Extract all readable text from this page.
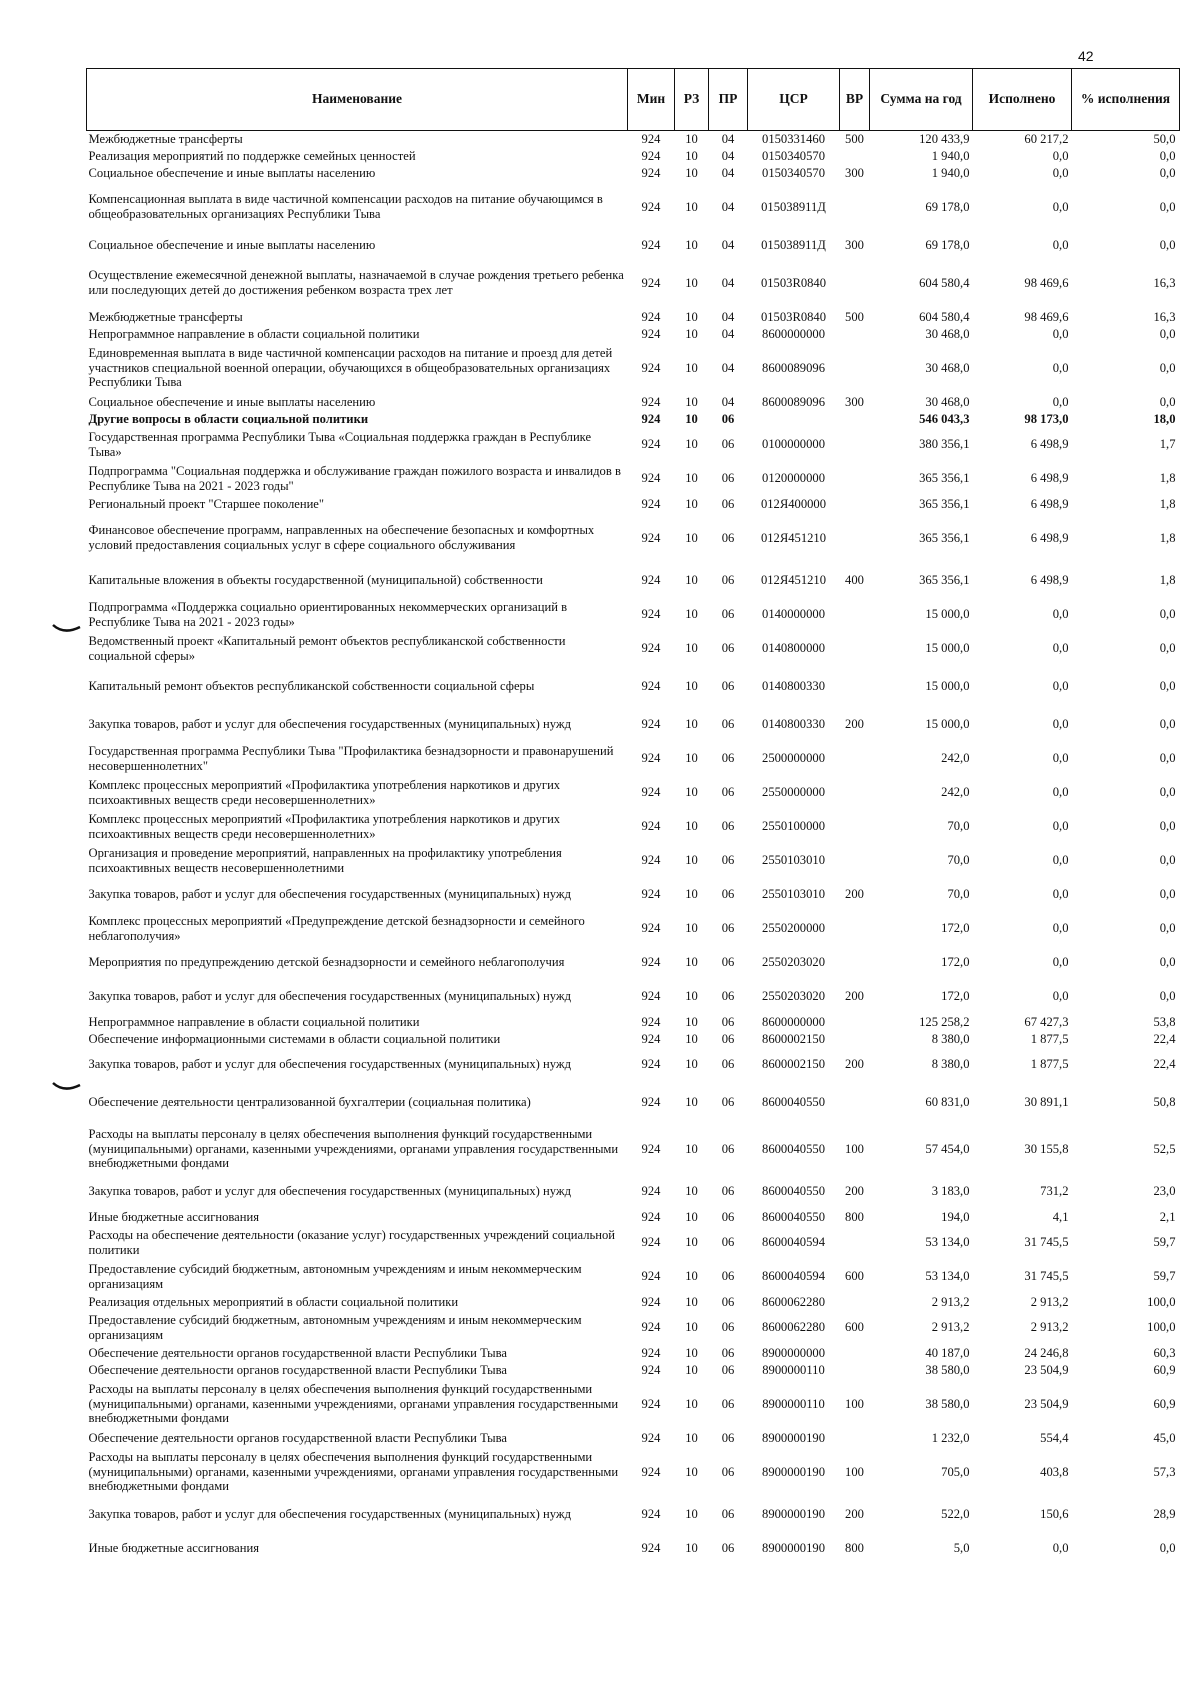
42
Наименование	Мин	РЗ	ПР	ЦСР	ВР	Сумма на год	Исполнено	% исполнения
Межбюджетные трансферты	924	10	04	0150331460	500	120 433,9	60 217,2	50,0
Реализация мероприятий по поддержке семейных ценностей	924	10	04	0150340570		1 940,0	0,0	0,0
Социальное обеспечение и иные выплаты населению	924	10	04	0150340570	300	1 940,0	0,0	0,0
Компенсационная выплата в виде частичной компенсации расходов на питание обучающимся в общеобразовательных организациях Республики Тыва	924	10	04	015038911Д		69 178,0	0,0	0,0
Социальное обеспечение и иные выплаты населению	924	10	04	015038911Д	300	69 178,0	0,0	0,0
Осуществление ежемесячной денежной выплаты, назначаемой в случае рождения третьего ребенка или последующих детей до достижения ребенком возраста трех лет	924	10	04	01503R0840		604 580,4	98 469,6	16,3
Межбюджетные трансферты	924	10	04	01503R0840	500	604 580,4	98 469,6	16,3
Непрограммное направление в области социальной политики	924	10	04	8600000000		30 468,0	0,0	0,0
Единовременная выплата в виде частичной компенсации расходов на питание и проезд для детей участников специальной военной операции, обучающихся в общеобразовательных организациях Республики Тыва	924	10	04	8600089096		30 468,0	0,0	0,0
Социальное обеспечение и иные выплаты населению	924	10	04	8600089096	300	30 468,0	0,0	0,0
Другие вопросы в области социальной политики	924	10	06			546 043,3	98 173,0	18,0
Государственная программа Республики Тыва «Социальная поддержка граждан в Республике Тыва»	924	10	06	0100000000		380 356,1	6 498,9	1,7
Подпрограмма "Социальная поддержка и обслуживание граждан пожилого возраста и инвалидов в Республике Тыва на 2021 - 2023 годы"	924	10	06	0120000000		365 356,1	6 498,9	1,8
Региональный проект "Старшее поколение"	924	10	06	012Я400000		365 356,1	6 498,9	1,8
Финансовое обеспечение программ, направленных на обеспечение безопасных и комфортных условий предоставления социальных услуг в сфере социального обслуживания	924	10	06	012Я451210		365 356,1	6 498,9	1,8
Капитальные вложения в объекты государственной (муниципальной) собственности	924	10	06	012Я451210	400	365 356,1	6 498,9	1,8
Подпрограмма «Поддержка социально ориентированных некоммерческих организаций в Республике Тыва на 2021 - 2023 годы»	924	10	06	0140000000		15 000,0	0,0	0,0
Ведомственный проект «Капитальный ремонт объектов республиканской собственности социальной сферы»	924	10	06	0140800000		15 000,0	0,0	0,0
Капитальный ремонт объектов республиканской собственности социальной сферы	924	10	06	0140800330		15 000,0	0,0	0,0
Закупка товаров, работ и услуг для обеспечения государственных (муниципальных) нужд	924	10	06	0140800330	200	15 000,0	0,0	0,0
Государственная программа Республики Тыва "Профилактика безнадзорности и правонарушений несовершеннолетних"	924	10	06	2500000000		242,0	0,0	0,0
Комплекс процессных мероприятий «Профилактика употребления наркотиков и других психоактивных веществ среди несовершеннолетних»	924	10	06	2550000000		242,0	0,0	0,0
Комплекс процессных мероприятий «Профилактика употребления наркотиков и других психоактивных веществ среди несовершеннолетних»	924	10	06	2550100000		70,0	0,0	0,0
Организация и проведение мероприятий, направленных на профилактику употребления психоактивных веществ несовершеннолетними	924	10	06	2550103010		70,0	0,0	0,0
Закупка товаров, работ и услуг для обеспечения государственных (муниципальных) нужд	924	10	06	2550103010	200	70,0	0,0	0,0
Комплекс процессных мероприятий «Предупреждение детской безнадзорности и семейного неблагополучия»	924	10	06	2550200000		172,0	0,0	0,0
Мероприятия по предупреждению детской безнадзорности и семейного неблагополучия	924	10	06	2550203020		172,0	0,0	0,0
Закупка товаров, работ и услуг для обеспечения государственных (муниципальных) нужд	924	10	06	2550203020	200	172,0	0,0	0,0
Непрограммное направление в области социальной политики	924	10	06	8600000000		125 258,2	67 427,3	53,8
Обеспечение информационными системами в области социальной политики	924	10	06	8600002150		8 380,0	1 877,5	22,4
Закупка товаров, работ и услуг для обеспечения государственных (муниципальных) нужд	924	10	06	8600002150	200	8 380,0	1 877,5	22,4
Обеспечение деятельности централизованной бухгалтерии (социальная политика)	924	10	06	8600040550		60 831,0	30 891,1	50,8
Расходы на выплаты персоналу в целях обеспечения выполнения функций государственными (муниципальными) органами, казенными учреждениями, органами управления государственными внебюджетными фондами	924	10	06	8600040550	100	57 454,0	30 155,8	52,5
Закупка товаров, работ и услуг для обеспечения государственных (муниципальных) нужд	924	10	06	8600040550	200	3 183,0	731,2	23,0
Иные бюджетные ассигнования	924	10	06	8600040550	800	194,0	4,1	2,1
Расходы на обеспечение деятельности (оказание услуг) государственных учреждений социальной политики	924	10	06	8600040594		53 134,0	31 745,5	59,7
Предоставление субсидий бюджетным, автономным учреждениям и иным некоммерческим организациям	924	10	06	8600040594	600	53 134,0	31 745,5	59,7
Реализация отдельных мероприятий в области социальной политики	924	10	06	8600062280		2 913,2	2 913,2	100,0
Предоставление субсидий бюджетным, автономным учреждениям и иным некоммерческим организациям	924	10	06	8600062280	600	2 913,2	2 913,2	100,0
Обеспечение деятельности органов государственной власти Республики Тыва	924	10	06	8900000000		40 187,0	24 246,8	60,3
Обеспечение деятельности органов государственной власти Республики Тыва	924	10	06	8900000110		38 580,0	23 504,9	60,9
Расходы на выплаты персоналу в целях обеспечения выполнения функций государственными (муниципальными) органами, казенными учреждениями, органами управления государственными внебюджетными фондами	924	10	06	8900000110	100	38 580,0	23 504,9	60,9
Обеспечение деятельности органов государственной власти Республики Тыва	924	10	06	8900000190		1 232,0	554,4	45,0
Расходы на выплаты персоналу в целях обеспечения выполнения функций государственными (муниципальными) органами, казенными учреждениями, органами управления государственными внебюджетными фондами	924	10	06	8900000190	100	705,0	403,8	57,3
Закупка товаров, работ и услуг для обеспечения государственных (муниципальных) нужд	924	10	06	8900000190	200	522,0	150,6	28,9
Иные бюджетные ассигнования	924	10	06	8900000190	800	5,0	0,0	0,0
